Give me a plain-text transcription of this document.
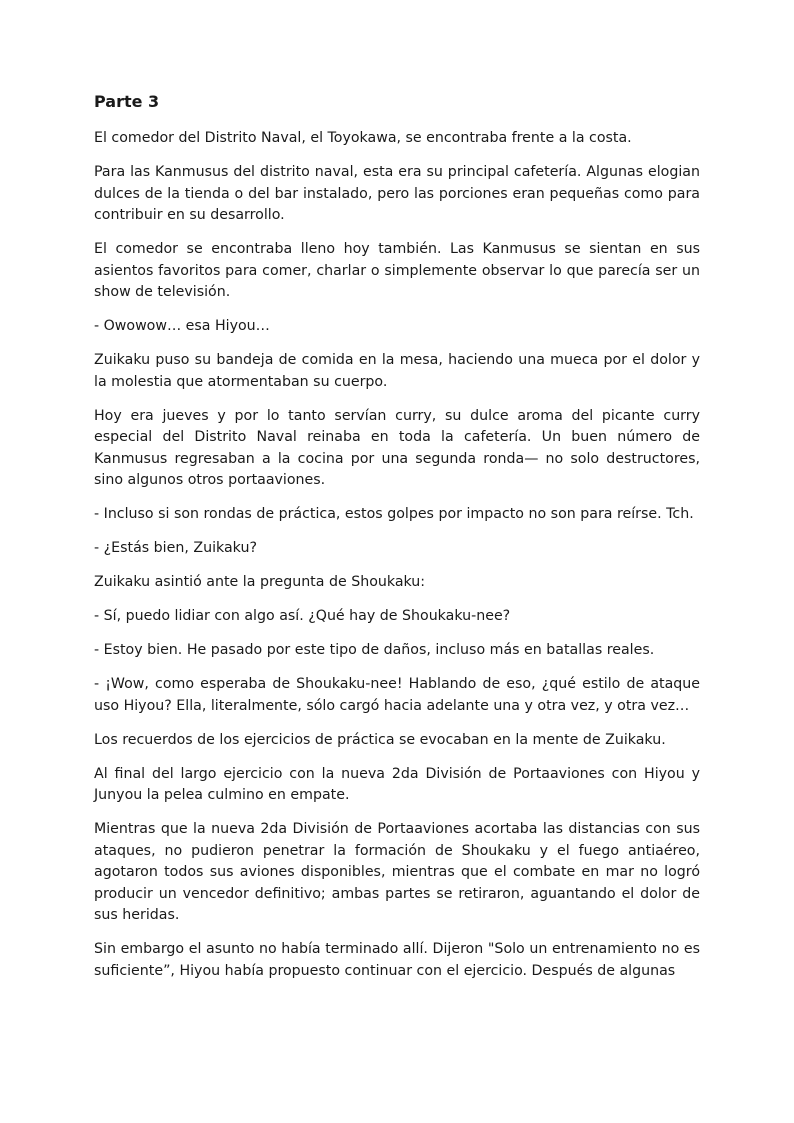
Parte 3

El comedor del Distrito Naval, el Toyokawa, se encontraba frente a la costa.

Para las Kanmusus del distrito naval, esta era su principal cafetería. Algunas elogian dulces de la tienda o del bar instalado, pero las porciones eran pequeñas como para contribuir en su desarrollo.

El comedor se encontraba lleno hoy también. Las Kanmusus se sientan en sus asientos favoritos para comer, charlar o simplemente observar lo que parecía ser un show de televisión.

- Owowow… esa Hiyou…

Zuikaku puso su bandeja de comida en la mesa, haciendo una mueca por el dolor y la molestia que atormentaban su cuerpo.

Hoy era jueves y por lo tanto servían curry, su dulce aroma del picante curry especial del Distrito Naval reinaba en toda la cafetería. Un buen número de Kanmusus regresaban a la cocina por una segunda ronda— no solo destructores, sino algunos otros portaaviones.

- Incluso si son rondas de práctica, estos golpes por impacto no son para reírse. Tch.

- ¿Estás bien, Zuikaku?

Zuikaku asintió ante la pregunta de Shoukaku:

- Sí, puedo lidiar con algo así. ¿Qué hay de Shoukaku-nee?

- Estoy bien. He pasado por este tipo de daños, incluso más en batallas reales.

- ¡Wow, como esperaba de Shoukaku-nee! Hablando de eso, ¿qué estilo de ataque uso Hiyou? Ella, literalmente, sólo cargó hacia adelante una y otra vez, y otra vez…

Los recuerdos de los ejercicios de práctica se evocaban en la mente de Zuikaku.

Al final del largo ejercicio con la nueva 2da División de Portaaviones con Hiyou y Junyou la pelea culmino en empate.

Mientras que la nueva 2da División de Portaaviones acortaba las distancias con sus ataques, no pudieron penetrar la formación de Shoukaku y el fuego antiaéreo, agotaron todos sus aviones disponibles, mientras que el combate en mar no logró producir un vencedor definitivo; ambas partes se retiraron, aguantando el dolor de sus heridas.

Sin embargo el asunto no había terminado allí. Dijeron "Solo un entrenamiento no es suficiente”, Hiyou había propuesto continuar con el ejercicio. Después de algunas
